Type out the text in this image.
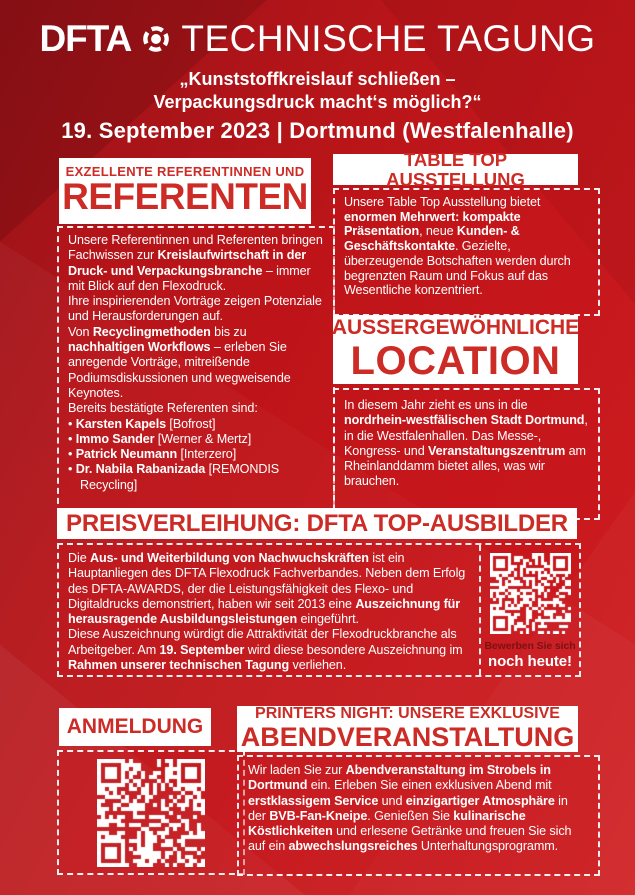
DFTA TECHNISCHE TAGUNG
„Kunststoffkreislauf schließen –
Verpackungsdruck macht‘s möglich?“
19. September 2023 | Dortmund (Westfalenhalle)
EXZELLENTE REFERENTINNEN UND
REFERENTEN
Unsere Referentinnen und Referenten bringen Fachwissen zur Kreislaufwirtschaft in der Druck- und Verpackungsbranche – immer mit Blick auf den Flexodruck.
Ihre inspirierenden Vorträge zeigen Potenziale und Herausforderungen auf.
Von Recyclingmethoden bis zu nachhaltigen Workflows – erleben Sie anregende Vorträge, mitreißende Podiumsdiskussionen und wegweisende Keynotes.
Bereits bestätigte Referenten sind:
• Karsten Kapels [Bofrost]
• Immo Sander [Werner & Mertz]
• Patrick Neumann [Interzero]
• Dr. Nabila Rabanizada [REMONDIS Recycling]
TABLE TOP AUSSTELLUNG
Unsere Table Top Ausstellung bietet enormen Mehrwert: kompakte Präsentation, neue Kunden- & Geschäftskontakte. Gezielte, überzeugende Botschaften werden durch begrenzten Raum und Fokus auf das Wesentliche konzentriert.
AUSSERGEWÖHNLICHE
LOCATION
In diesem Jahr zieht es uns in die nordrhein-westfälischen Stadt Dortmund, in die Westfalenhallen. Das Messe-, Kongress- und Veranstaltungszentrum am Rheinlanddamm bietet alles, was wir brauchen.
PREISVERLEIHUNG: DFTA TOP-AUSBILDER
Die Aus- und Weiterbildung von Nachwuchskräften ist ein Hauptanliegen des DFTA Flexodruck Fachverbandes. Neben dem Erfolg des DFTA-AWARDS, der die Leistungsfähigkeit des Flexo- und Digitaldrucks demonstriert, haben wir seit 2013 eine Auszeichnung für herausragende Ausbildungsleistungen eingeführt.
Diese Auszeichnung würdigt die Attraktivität der Flexodruckbranche als Arbeitgeber. Am 19. September wird diese besondere Auszeichnung im Rahmen unserer technischen Tagung verliehen.
Bewerben Sie sich
noch heute!
ANMELDUNG
PRINTERS NIGHT: UNSERE EXKLUSIVE
ABENDVERANSTALTUNG
Wir laden Sie zur Abendveranstaltung im Strobels in Dortmund ein. Erleben Sie einen exklusiven Abend mit erstklassigem Service und einzigartiger Atmosphäre in der BVB-Fan-Kneipe. Genießen Sie kulinarische Köstlichkeiten und erlesene Getränke und freuen Sie sich auf ein abwechslungsreiches Unterhaltungsprogramm.
